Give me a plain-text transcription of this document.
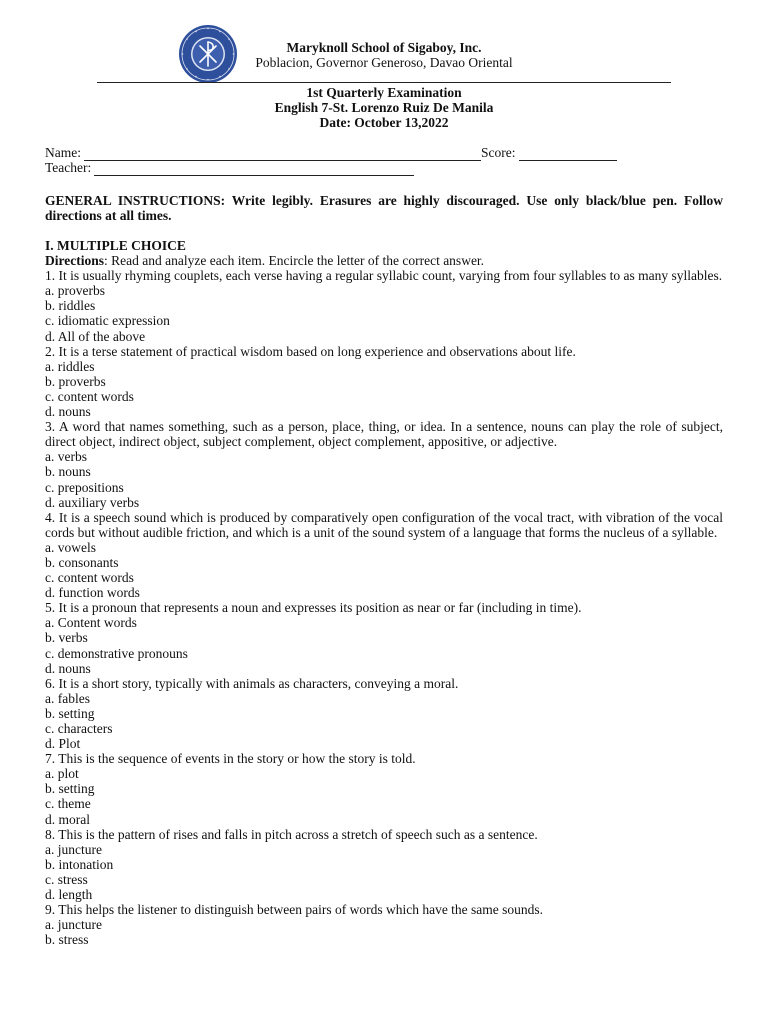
Maryknoll School of Sigaboy, Inc.
Poblacion, Governor Generoso, Davao Oriental
1st Quarterly Examination
English 7-St. Lorenzo Ruiz De Manila
Date: October 13,2022
Name:	Score:
Teacher:
GENERAL INSTRUCTIONS: Write legibly. Erasures are highly discouraged. Use only black/blue pen. Follow directions at all times.
I. MULTIPLE CHOICE
Directions: Read and analyze each item. Encircle the letter of the correct answer.
1. It is usually rhyming couplets, each verse having a regular syllabic count, varying from four syllables to as many syllables.
a. proverbs
b. riddles
c. idiomatic expression
d. All of the above
2. It is a terse statement of practical wisdom based on long experience and observations about life.
a. riddles
b. proverbs
c. content words
d. nouns
3. A word that names something, such as a person, place, thing, or idea. In a sentence, nouns can play the role of subject, direct object, indirect object, subject complement, object complement, appositive, or adjective.
a. verbs
b. nouns
c. prepositions
d. auxiliary verbs
4. It is a speech sound which is produced by comparatively open configuration of the vocal tract, with vibration of the vocal cords but without audible friction, and which is a unit of the sound system of a language that forms the nucleus of a syllable.
a. vowels
b. consonants
c. content words
d. function words
5. It is a pronoun that represents a noun and expresses its position as near or far (including in time).
a. Content words
b. verbs
c. demonstrative pronouns
d. nouns
6. It is a short story, typically with animals as characters, conveying a moral.
a. fables
b. setting
c. characters
d. Plot
7. This is the sequence of events in the story or how the story is told.
a. plot
b. setting
c. theme
d. moral
8. This is the pattern of rises and falls in pitch across a stretch of speech such as a sentence.
a. juncture
b. intonation
c. stress
d. length
9. This helps the listener to distinguish between pairs of words which have the same sounds.
a. juncture
b. stress
